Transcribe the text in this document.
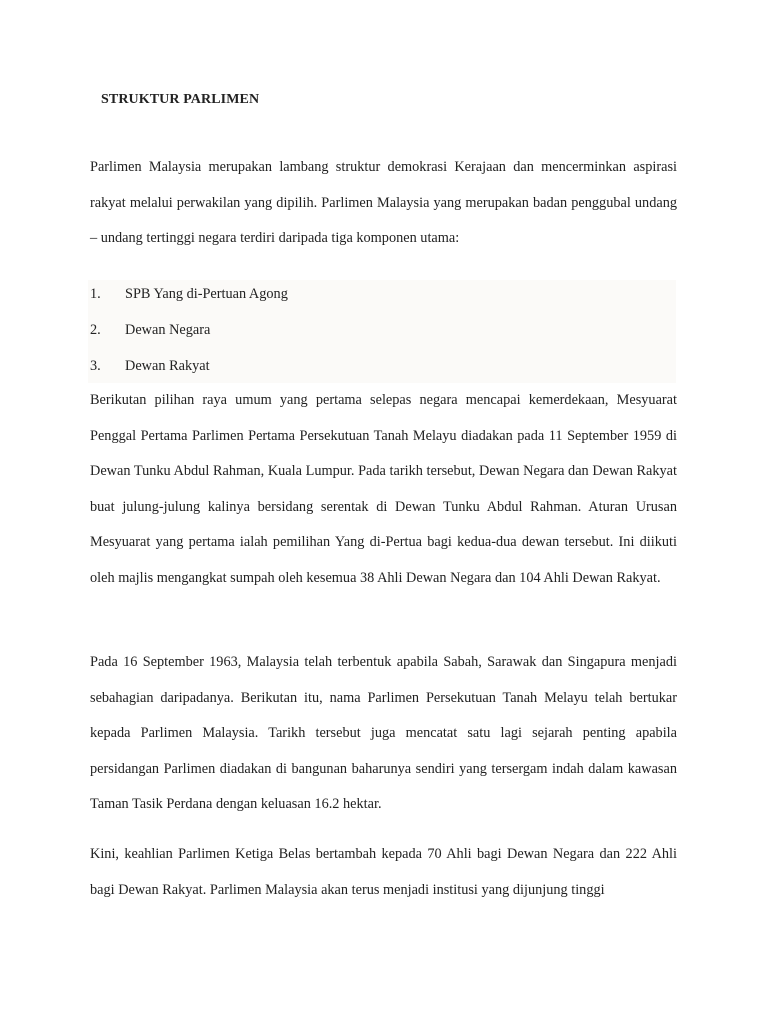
STRUKTUR PARLIMEN

Parlimen Malaysia merupakan lambang struktur demokrasi Kerajaan dan mencerminkan aspirasi rakyat melalui perwakilan yang dipilih. Parlimen Malaysia yang merupakan badan penggubal undang – undang tertinggi negara terdiri daripada tiga komponen utama:

1. SPB Yang di-Pertuan Agong
2. Dewan Negara
3. Dewan Rakyat

Berikutan pilihan raya umum yang pertama selepas negara mencapai kemerdekaan, Mesyuarat Penggal Pertama Parlimen Pertama Persekutuan Tanah Melayu diadakan pada 11 September 1959 di Dewan Tunku Abdul Rahman, Kuala Lumpur. Pada tarikh tersebut, Dewan Negara dan Dewan Rakyat buat julung-julung kalinya bersidang serentak di Dewan Tunku Abdul Rahman. Aturan Urusan Mesyuarat yang pertama ialah pemilihan Yang di-Pertua bagi kedua-dua dewan tersebut. Ini diikuti oleh majlis mengangkat sumpah oleh kesemua 38 Ahli Dewan Negara dan 104 Ahli Dewan Rakyat.

Pada 16 September 1963, Malaysia telah terbentuk apabila Sabah, Sarawak dan Singapura menjadi sebahagian daripadanya. Berikutan itu, nama Parlimen Persekutuan Tanah Melayu telah bertukar kepada Parlimen Malaysia. Tarikh tersebut juga mencatat satu lagi sejarah penting apabila persidangan Parlimen diadakan di bangunan baharunya sendiri yang tersergam indah dalam kawasan Taman Tasik Perdana dengan keluasan 16.2 hektar.

Kini, keahlian Parlimen Ketiga Belas bertambah kepada 70 Ahli bagi Dewan Negara dan 222 Ahli bagi Dewan Rakyat. Parlimen Malaysia akan terus menjadi institusi yang dijunjung tinggi
